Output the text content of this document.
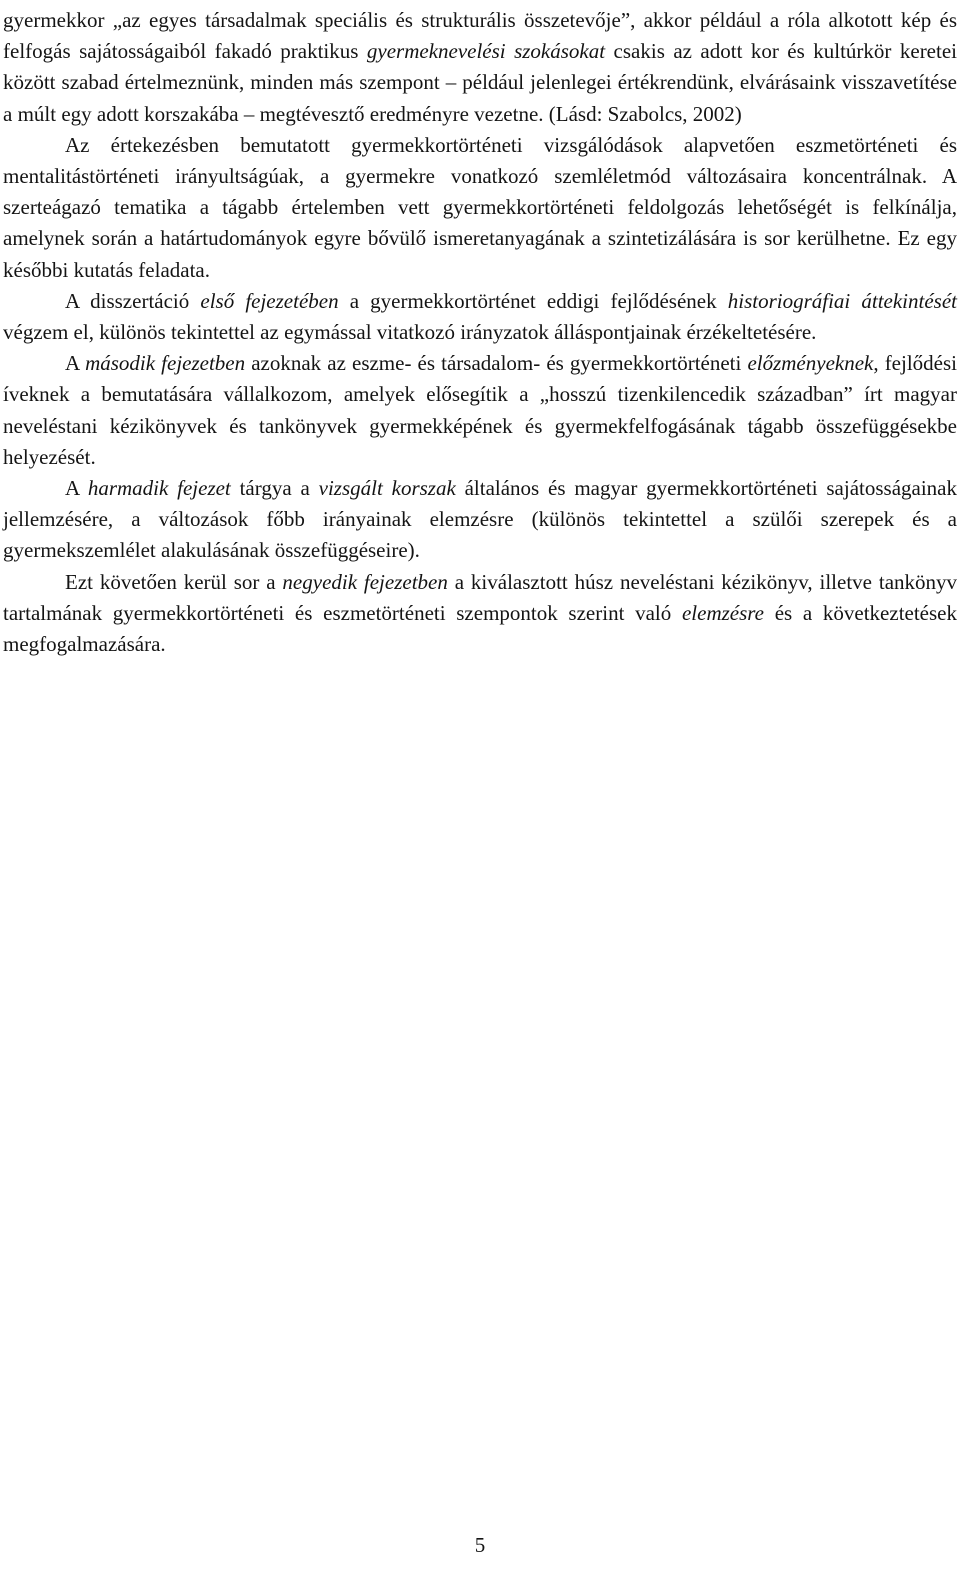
gyermekkor „az egyes társadalmak speciális és strukturális összetevője”, akkor például a róla alkotott kép és felfogás sajátosságaiból fakadó praktikus gyermeknevelési szokásokat csakis az adott kor és kultúrkör keretei között szabad értelmeznünk, minden más szempont – például jelenlegei értékrendünk, elvárásaink visszavetítése a múlt egy adott korszakába – megtévesztő eredményre vezetne. (Lásd: Szabolcs, 2002)

Az értekezésben bemutatott gyermekkortörténeti vizsgálódások alapvetően eszmetörténeti és mentalitástörténeti irányultságúak, a gyermekre vonatkozó szemléletmód változásaira koncentrálnak. A szerteágazó tematika a tágabb értelemben vett gyermekkortörténeti feldolgozás lehetőségét is felkínálja, amelynek során a határtudományok egyre bővülő ismeretanyagának a szintetizálására is sor kerülhetne. Ez egy későbbi kutatás feladata.

A disszertáció első fejezetében a gyermekkortörténet eddigi fejlődésének historiográfiai áttekintését végzem el, különös tekintettel az egymással vitatkozó irányzatok álláspontjainak érzékeltetésére.

A második fejezetben azoknak az eszme- és társadalom- és gyermekkortörténeti előzményeknek, fejlődési íveknek a bemutatására vállalkozom, amelyek elősegítik a „hosszú tizenkilencedik században” írt magyar neveléstani kézikönyvek és tankönyvek gyermekképének és gyermekfelfogásának tágabb összefüggésekbe helyezését.

A harmadik fejezet tárgya a vizsgált korszak általános és magyar gyermekkortörténeti sajátosságainak jellemzésére, a változások főbb irányainak elemzésre (különös tekintettel a szülői szerepek és a gyermekszemlélet alakulásának összefüggéseire).

Ezt követően kerül sor a negyedik fejezetben a kiválasztott húsz neveléstani kézikönyv, illetve tankönyv tartalmának gyermekkortörténeti és eszmetörténeti szempontok szerint való elemzésre és a következtetések megfogalmazására.

5
